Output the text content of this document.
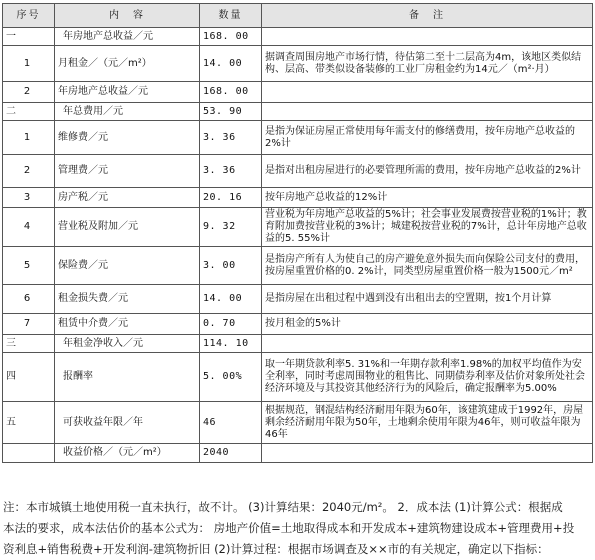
序号	内　容	数量	备　注
一	年房地产总收益／元	168. 00	
1	月租金／（元／m²）	14. 00	据调查周围房地产市场行情，待估第二至十二层高为4m，该地区类似结构、层高、带类似设备装修的工业厂房租金约为14元／（m²·月）
2	年房地产总收益／元	168. 00	
二	年总费用／元	53. 90	
1	维修费／元	3. 36	是指为保证房屋正常使用每年需支付的修缮费用，按年房地产总收益的2%计
2	管理费／元	3. 36	是指对出租房屋进行的必要管理所需的费用，按年房地产总收益的2%计
3	房产税／元	20. 16	按年房地产总收益的12%计
4	营业税及附加／元	9. 32	营业税为年房地产总收益的5%计；社会事业发展费按营业税的1%计；教育附加费按营业税的3%计；城建税按营业税的7%计，总计年房地产总收益的5. 55%计
5	保险费／元	3. 00	是指房产所有人为使自己的房产避免意外损失而向保险公司支付的费用，按房屋重置价格的0. 2%计，同类型房屋重置价格一般为1500元／m²
6	租金损失费／元	14. 00	是指房屋在出租过程中遇到没有出租出去的空置期，按1个月计算
7	租赁中介费／元	0. 70	按月租金的5%计
三	年租金净收入／元	114. 10	
四	报酬率	5. 00%	取一年期贷款利率5. 31%和一年期存款利率1.98%的加权平均值作为安全利率，同时考虑周围物业的租售比、同期债券利率及估价对象所处社会经济环境及与其投资其他经济行为的风险后，确定报酬率为5.00%
五	可获收益年限／年	46	根据规范，钢混结构经济耐用年限为60年，该建筑建成于1992年，房屋剩余经济耐用年限为50年，土地剩余使用年限为46年，则可收益年限为46年
	收益价格／（元／m²）	2040	

注：本市城镇土地使用税一直未执行，故不计。 (3)计算结果：2040元/m²。 2．成本法 (1)计算公式：根据成

本法的要求，成本法估价的基本公式为： 房地产价值=土地取得成本和开发成本+建筑物建设成本+管理费用+投

资利息+销售税费+开发利润-建筑物折旧 (2)计算过程：根据市场调查及××市的有关规定，确定以下指标：
